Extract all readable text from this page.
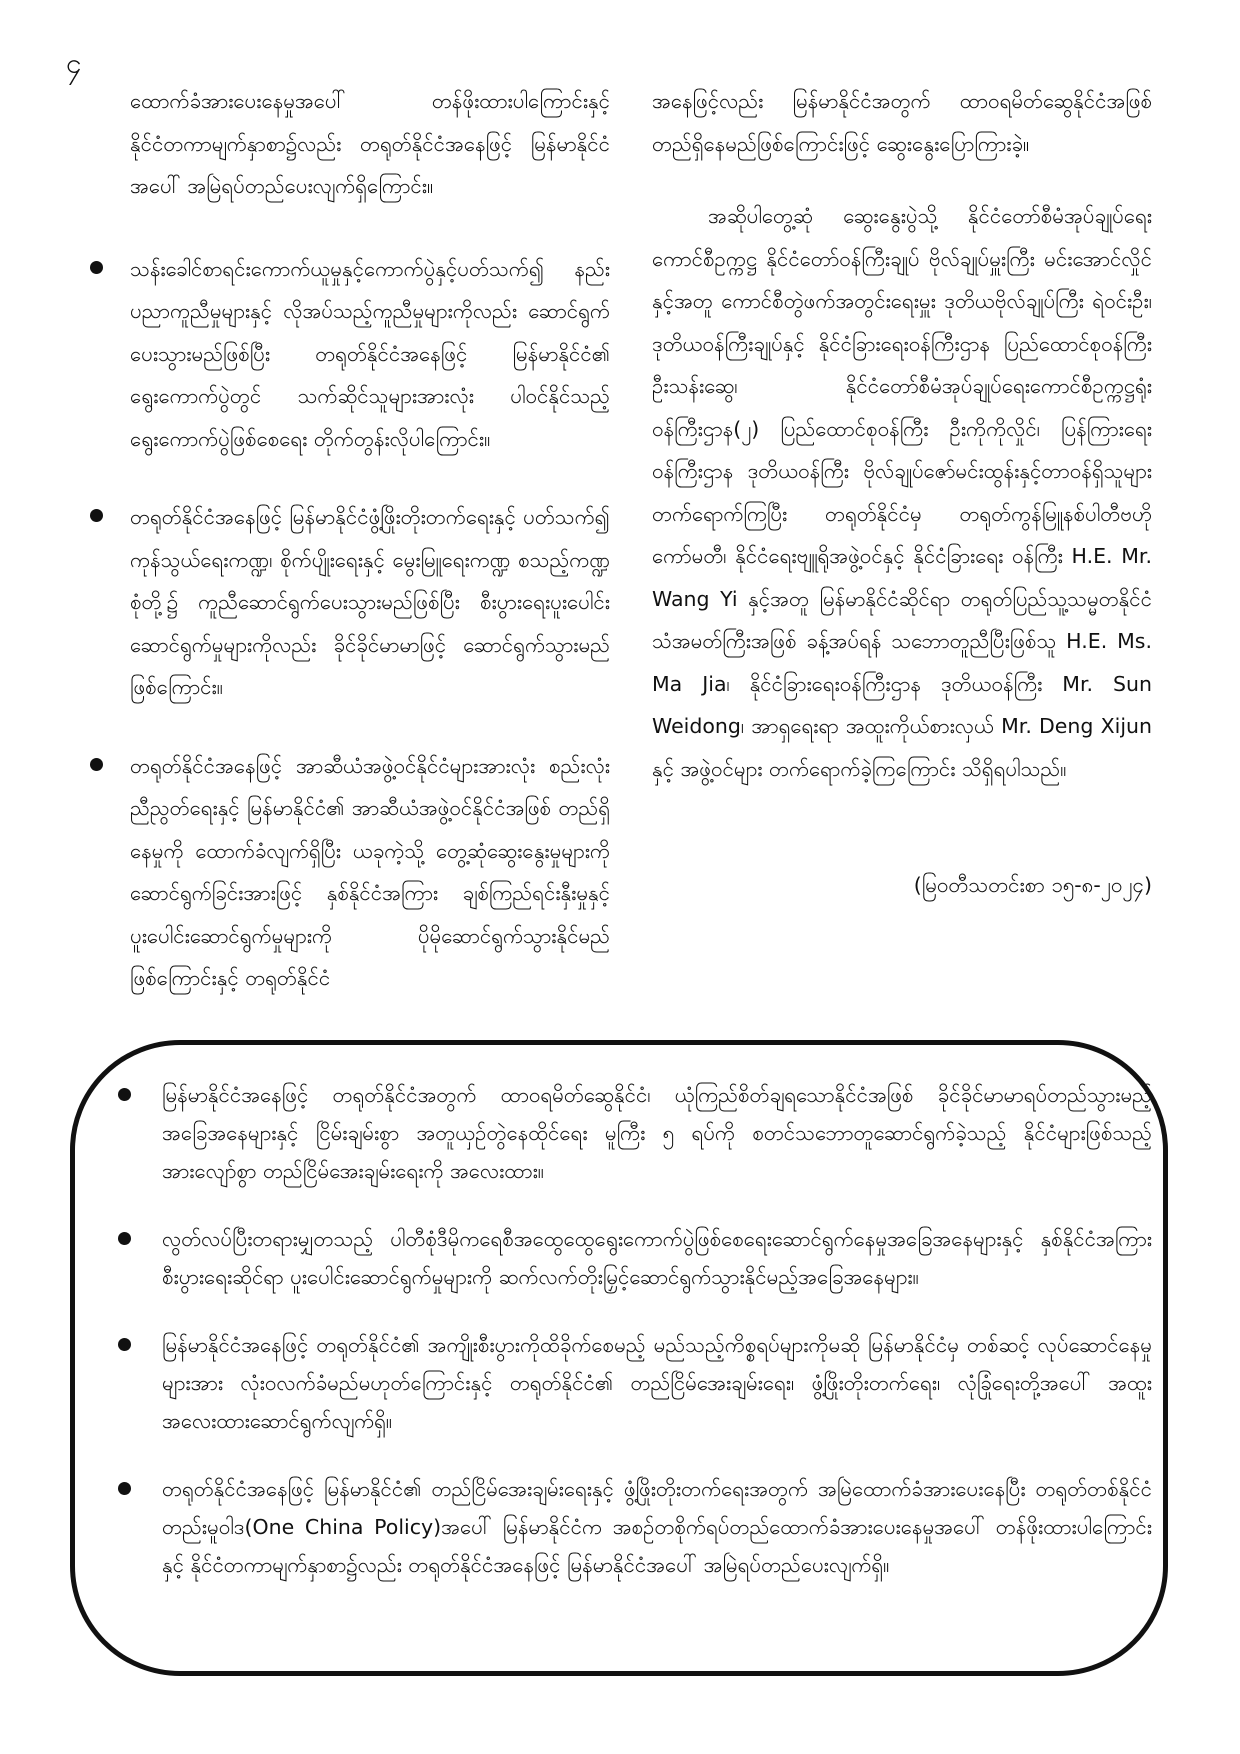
၄

ထောက်ခံအားပေးနေမှုအပေါ် တန်ဖိုးထားပါကြောင်းနှင့် နိုင်ငံတကာမျက်နှာစာ၌လည်း တရုတ်နိုင်ငံအနေဖြင့် မြန်မာနိုင်ငံအပေါ် အမြဲရပ်တည်ပေးလျက်ရှိကြောင်း။

သန်းခေါင်စာရင်းကောက်ယူမှုနှင့်ကောက်ပွဲနှင့်ပတ်သက်၍ နည်းပညာကူညီမှုများနှင့် လိုအပ်သည့်ကူညီမှုများကိုလည်း ဆောင်ရွက်ပေးသွားမည်ဖြစ်ပြီး တရုတ်နိုင်ငံအနေဖြင့် မြန်မာနိုင်ငံ၏ ရွေးကောက်ပွဲတွင် သက်ဆိုင်သူများအားလုံး ပါဝင်နိုင်သည့် ရွေးကောက်ပွဲဖြစ်စေရေး တိုက်တွန်းလိုပါကြောင်း။
တရုတ်နိုင်ငံအနေဖြင့် မြန်မာနိုင်ငံဖွံ့ဖြိုးတိုးတက်ရေးနှင့် ပတ်သက်၍ ကုန်သွယ်ရေးကဏ္ဍ၊ စိုက်ပျိုးရေးနှင့် မွေးမြူရေးကဏ္ဍ စသည့်ကဏ္ဍစုံတို့၌ ကူညီဆောင်ရွက်ပေးသွားမည်ဖြစ်ပြီး စီးပွားရေးပူးပေါင်းဆောင်ရွက်မှုများကိုလည်း ခိုင်ခိုင်မာမာဖြင့် ဆောင်ရွက်သွားမည်ဖြစ်ကြောင်း။
တရုတ်နိုင်ငံအနေဖြင့် အာဆီယံအဖွဲ့ဝင်နိုင်ငံများအားလုံး စည်းလုံးညီညွတ်ရေးနှင့် မြန်မာနိုင်ငံ၏ အာဆီယံအဖွဲ့ဝင်နိုင်ငံအဖြစ် တည်ရှိနေမှုကို ထောက်ခံလျက်ရှိပြီး ယခုကဲ့သို့ တွေ့ဆုံဆွေးနွေးမှုများကို ဆောင်ရွက်ခြင်းအားဖြင့် နှစ်နိုင်ငံအကြား ချစ်ကြည်ရင်းနှီးမှုနှင့် ပူးပေါင်းဆောင်ရွက်မှုများကို ပိုမိုဆောင်ရွက်သွားနိုင်မည်ဖြစ်ကြောင်းနှင့် တရုတ်နိုင်ငံ

အနေဖြင့်လည်း မြန်မာနိုင်ငံအတွက် ထာဝရမိတ်ဆွေနိုင်ငံအဖြစ် တည်ရှိနေမည်ဖြစ်ကြောင်းဖြင့် ဆွေးနွေးပြောကြားခဲ့။

အဆိုပါတွေ့ဆုံ ဆွေးနွေးပွဲသို့ နိုင်ငံတော်စီမံအုပ်ချုပ်ရေးကောင်စီဥက္ကဋ္ဌ နိုင်ငံတော်ဝန်ကြီးချုပ် ဗိုလ်ချုပ်မှူးကြီး မင်းအောင်လှိုင်နှင့်အတူ ကောင်စီတွဲဖက်အတွင်းရေးမှူး ဒုတိယဗိုလ်ချုပ်ကြီး ရဲဝင်းဦး၊ ဒုတိယဝန်ကြီးချုပ်နှင့် နိုင်ငံခြားရေးဝန်ကြီးဌာန ပြည်ထောင်စုဝန်ကြီး ဦးသန်းဆွေ၊ နိုင်ငံတော်စီမံအုပ်ချုပ်ရေးကောင်စီဥက္ကဋ္ဌရုံး ဝန်ကြီးဌာန(၂) ပြည်ထောင်စုဝန်ကြီး ဦးကိုကိုလှိုင်၊ ပြန်ကြားရေးဝန်ကြီးဌာန ဒုတိယဝန်ကြီး ဗိုလ်ချုပ်ဇော်မင်းထွန်းနှင့်တာဝန်ရှိသူများ တက်ရောက်ကြပြီး တရုတ်နိုင်ငံမှ တရုတ်ကွန်မြူနစ်ပါတီဗဟိုကော်မတီ၊ နိုင်ငံရေးဗျူရိုအဖွဲ့ဝင်နှင့် နိုင်ငံခြားရေး ဝန်ကြီး H.E. Mr. Wang Yi နှင့်အတူ မြန်မာနိုင်ငံဆိုင်ရာ တရုတ်ပြည်သူ့သမ္မတနိုင်ငံသံအမတ်ကြီးအဖြစ် ခန့်အပ်ရန် သဘောတူညီပြီးဖြစ်သူ H.E. Ms. Ma Jia၊ နိုင်ငံခြားရေးဝန်ကြီးဌာန ဒုတိယဝန်ကြီး Mr. Sun Weidong၊ အာရှရေးရာ အထူးကိုယ်စားလှယ် Mr. Deng Xijun နှင့် အဖွဲ့ဝင်များ တက်ရောက်ခဲ့ကြကြောင်း သိရှိရပါသည်။

(မြဝတီသတင်းစာ ၁၅-၈-၂၀၂၄)

မြန်မာနိုင်ငံအနေဖြင့် တရုတ်နိုင်ငံအတွက် ထာဝရမိတ်ဆွေနိုင်ငံ၊ ယုံကြည်စိတ်ချရသောနိုင်ငံအဖြစ် ခိုင်ခိုင်မာမာရပ်တည်သွားမည့်အခြေအနေများနှင့် ငြိမ်းချမ်းစွာ အတူယှဉ်တွဲနေထိုင်ရေး မူကြီး ၅ ရပ်ကို စတင်သဘောတူဆောင်ရွက်ခဲ့သည့် နိုင်ငံများဖြစ်သည့်အားလျော်စွာ တည်ငြိမ်အေးချမ်းရေးကို အလေးထား။
လွတ်လပ်ပြီးတရားမျှတသည့် ပါတီစုံဒီမိုကရေစီအထွေထွေရွေးကောက်ပွဲဖြစ်စေရေးဆောင်ရွက်နေမှုအခြေအနေများနှင့် နှစ်နိုင်ငံအကြားစီးပွားရေးဆိုင်ရာ ပူးပေါင်းဆောင်ရွက်မှုများကို ဆက်လက်တိုးမြှင့်ဆောင်ရွက်သွားနိုင်မည့်အခြေအနေများ။
မြန်မာနိုင်ငံအနေဖြင့် တရုတ်နိုင်ငံ၏ အကျိုးစီးပွားကိုထိခိုက်စေမည့် မည်သည့်ကိစ္စရပ်များကိုမဆို မြန်မာနိုင်ငံမှ တစ်ဆင့် လုပ်ဆောင်နေမှုများအား လုံးဝလက်ခံမည်မဟုတ်ကြောင်းနှင့် တရုတ်နိုင်ငံ၏ တည်ငြိမ်အေးချမ်းရေး၊ ဖွံ့ဖြိုးတိုးတက်ရေး၊ လုံခြုံရေးတို့အပေါ် အထူးအလေးထားဆောင်ရွက်လျက်ရှိ။
တရုတ်နိုင်ငံအနေဖြင့် မြန်မာနိုင်ငံ၏ တည်ငြိမ်အေးချမ်းရေးနှင့် ဖွံ့ဖြိုးတိုးတက်ရေးအတွက် အမြဲထောက်ခံအားပေးနေပြီး တရုတ်တစ်နိုင်ငံတည်းမူဝါဒ(One China Policy)အပေါ် မြန်မာနိုင်ငံက အစဉ်တစိုက်ရပ်တည်ထောက်ခံအားပေးနေမှုအပေါ် တန်ဖိုးထားပါကြောင်းနှင့် နိုင်ငံတကာမျက်နှာစာ၌လည်း တရုတ်နိုင်ငံအနေဖြင့် မြန်မာနိုင်ငံအပေါ် အမြဲရပ်တည်ပေးလျက်ရှိ။
